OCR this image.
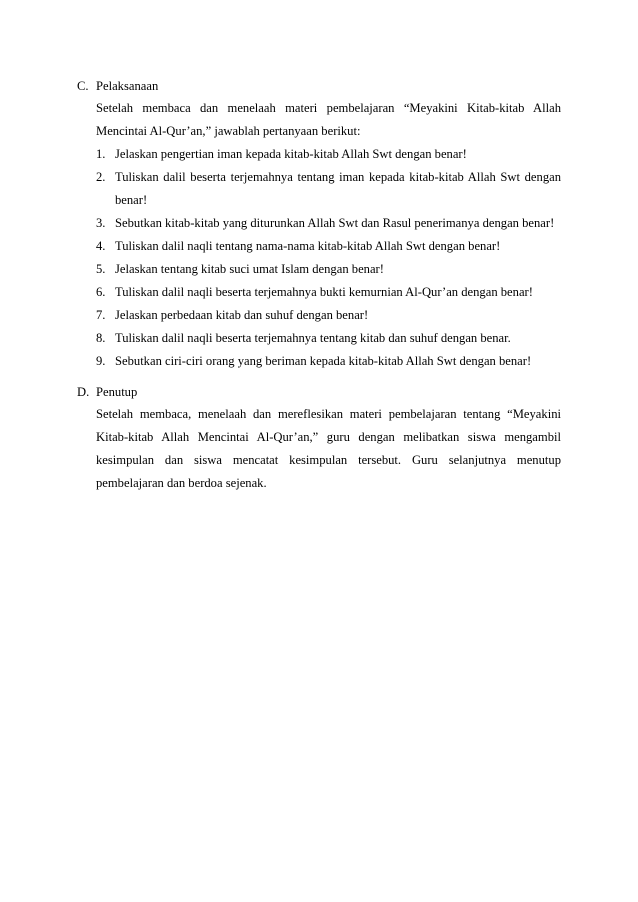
C. Pelaksanaan

Setelah membaca dan menelaah materi pembelajaran “Meyakini Kitab-kitab Allah Mencintai Al-Qur’an,” jawablah pertanyaan berikut:

1. Jelaskan pengertian iman kepada kitab-kitab Allah Swt dengan benar!
2. Tuliskan dalil beserta terjemahnya tentang iman kepada kitab-kitab Allah Swt dengan benar!
3. Sebutkan kitab-kitab yang diturunkan Allah Swt dan Rasul penerimanya dengan benar!
4. Tuliskan dalil naqli tentang nama-nama kitab-kitab Allah Swt dengan benar!
5. Jelaskan tentang kitab suci umat Islam dengan benar!
6. Tuliskan dalil naqli beserta terjemahnya bukti kemurnian Al-Qur’an dengan benar!
7. Jelaskan perbedaan kitab dan suhuf dengan benar!
8. Tuliskan dalil naqli beserta terjemahnya tentang kitab dan suhuf dengan benar.
9. Sebutkan ciri-ciri orang yang beriman kepada kitab-kitab Allah Swt dengan benar!
D. Penutup

Setelah membaca, menelaah dan mereflesikan materi pembelajaran tentang “Meyakini Kitab-kitab Allah Mencintai Al-Qur’an,” guru dengan melibatkan siswa mengambil kesimpulan dan siswa mencatat kesimpulan tersebut. Guru selanjutnya menutup pembelajaran dan berdoa sejenak.
